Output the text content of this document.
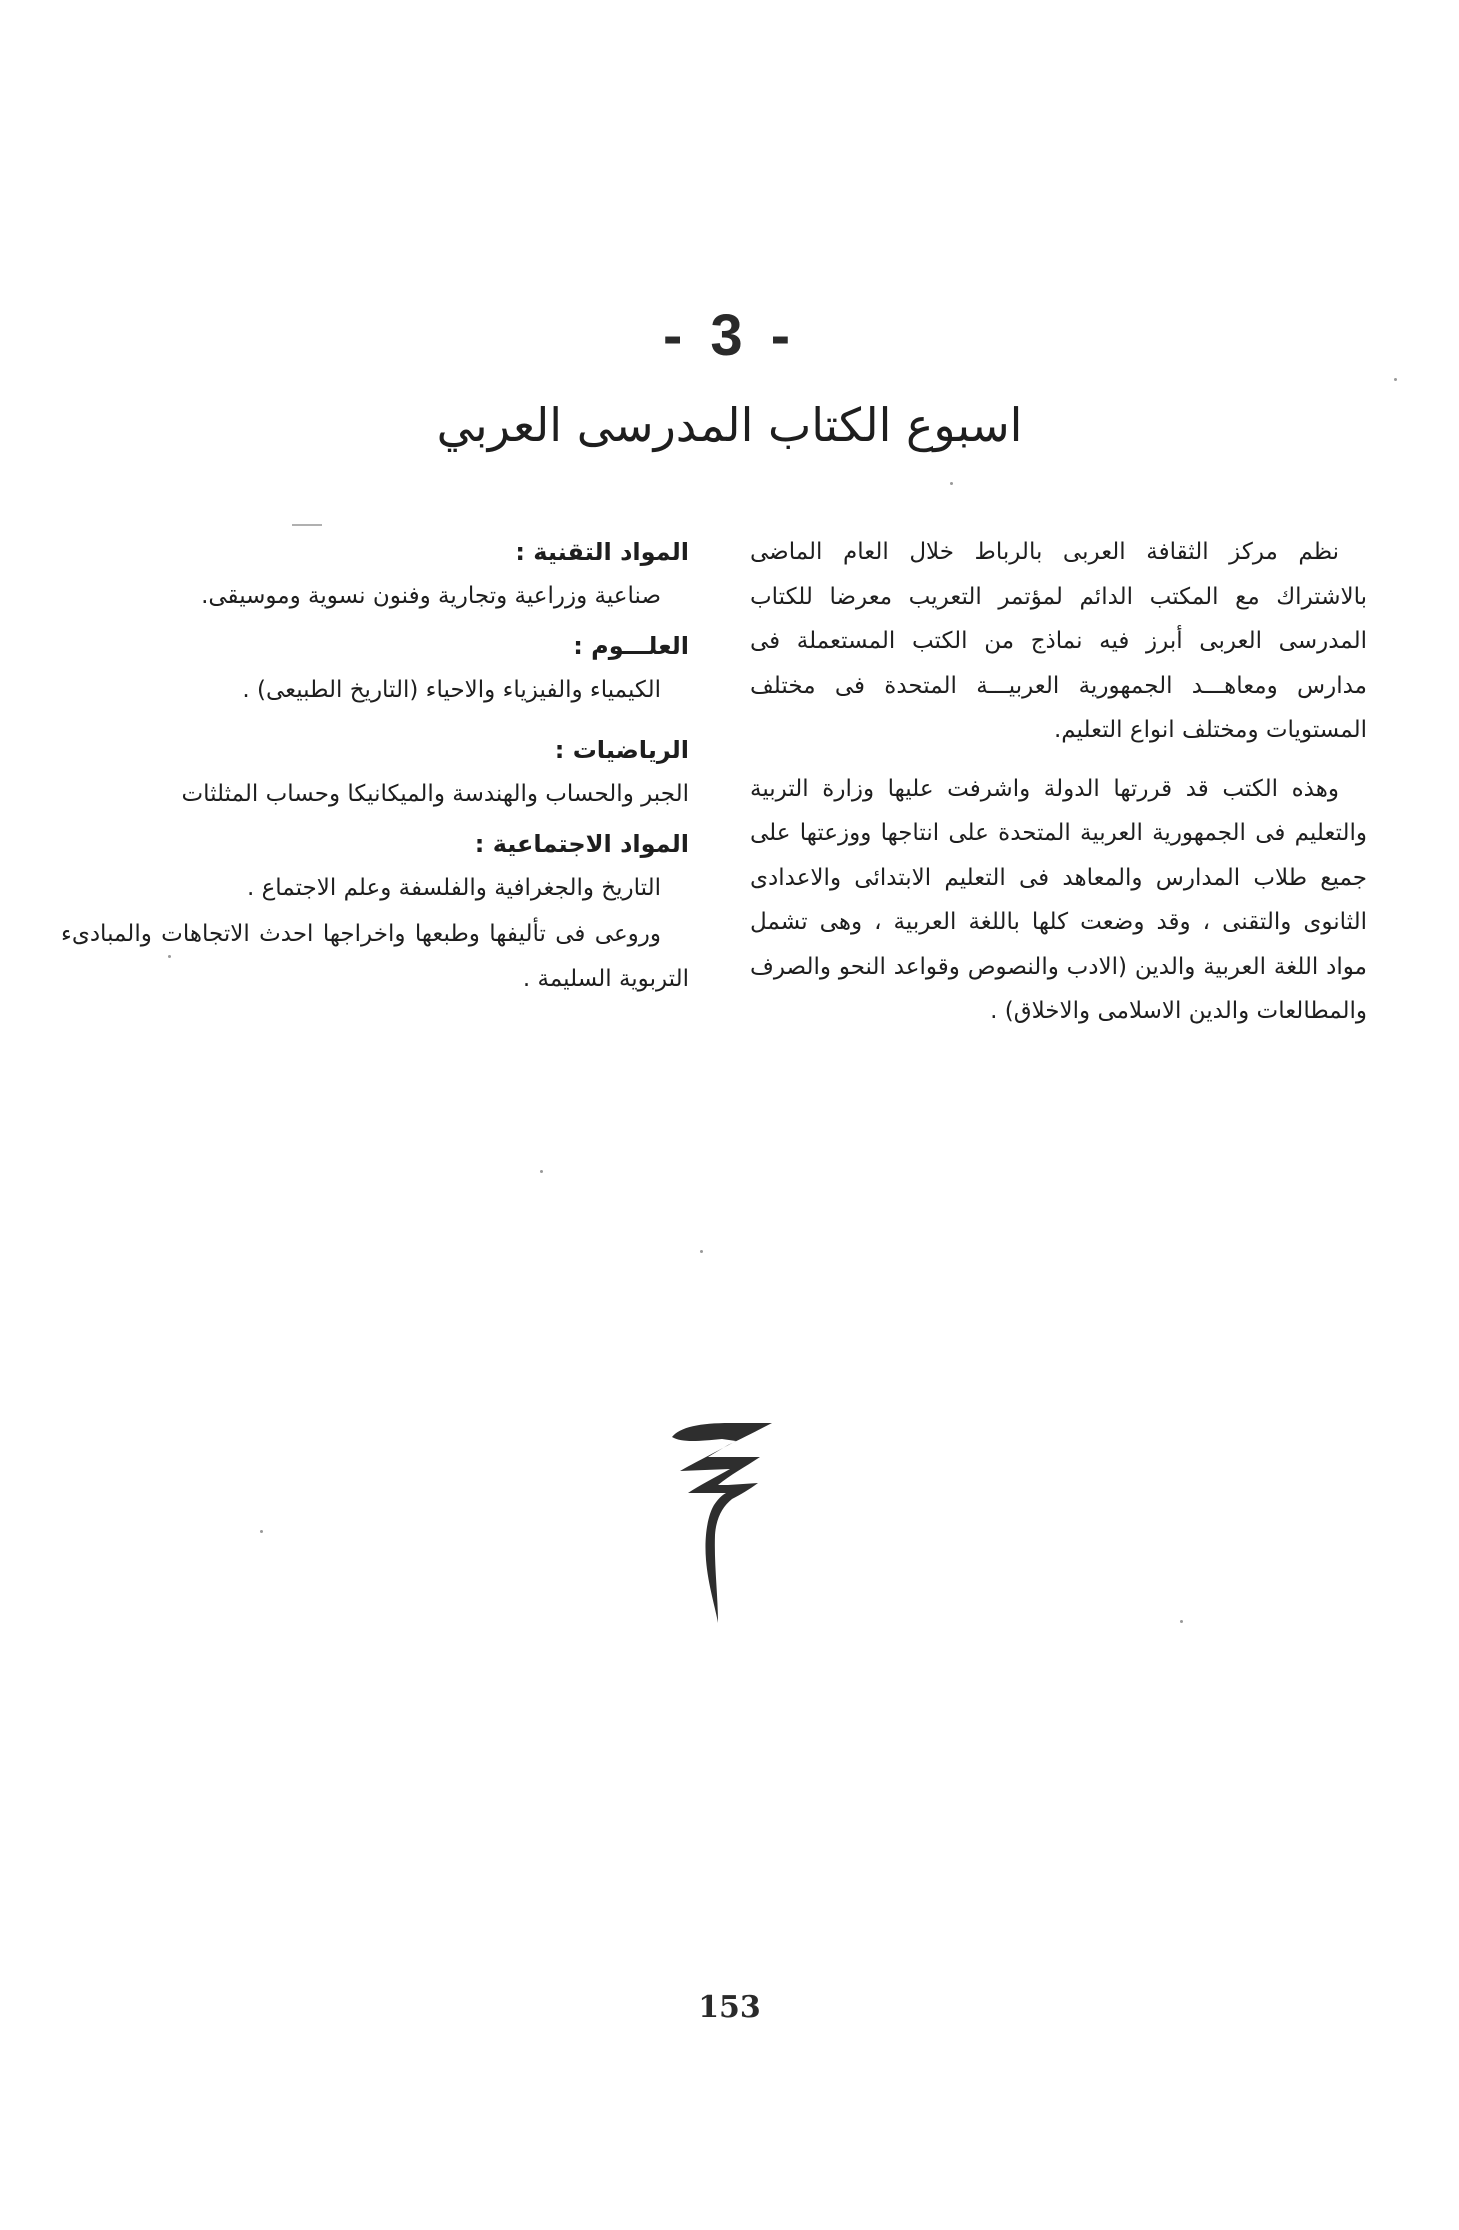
- 3 -
اسبوع الكتاب المدرسى العربي

نظم مركز الثقافة العربى بالرباط خلال العام الماضى بالاشتراك مع المكتب الدائم لمؤتمر التعريب معرضا للكتاب المدرسى العربى أبرز فيه نماذج من الكتب المستعملة فى مدارس ومعاهـــد الجمهورية العربيـــة المتحدة فى مختلف المستويات ومختلف انواع التعليم.

وهذه الكتب قد قررتها الدولة واشرفت عليها وزارة التربية والتعليم فى الجمهورية العربية المتحدة على انتاجها ووزعتها على جميع طلاب المدارس والمعاهد فى التعليم الابتدائى والاعدادى الثانوى والتقنى ، وقد وضعت كلها باللغة العربية ، وهى تشمل مواد اللغة العربية والدين (الادب والنصوص وقواعد النحو والصرف والمطالعات والدين الاسلامى والاخلاق) .

المواد التقنية :

صناعية وزراعية وتجارية وفنون نسوية وموسيقى.

العلـــوم :

الكيمياء والفيزياء والاحياء (التاريخ الطبيعى) .

الرياضيات :

الجبر والحساب والهندسة والميكانيكا وحساب المثلثات

المواد الاجتماعية :

التاريخ والجغرافية والفلسفة وعلم الاجتماع .

وروعى فى تأليفها وطبعها واخراجها احدث الاتجاهات والمبادىء التربوية السليمة .

153
